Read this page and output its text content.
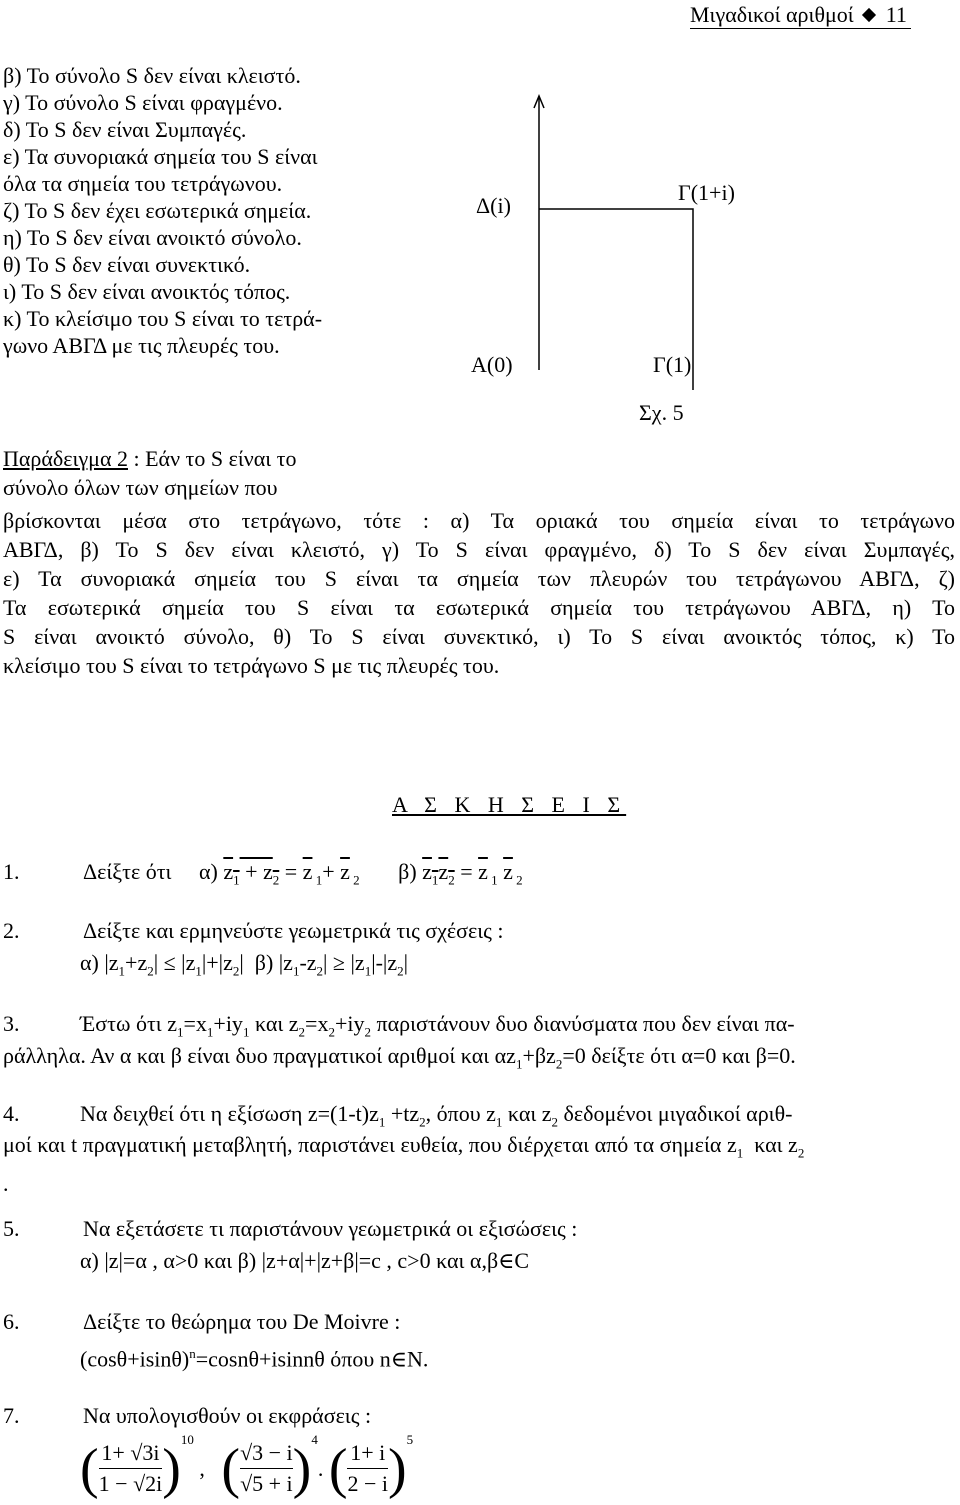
Μιγαδικοί αριθμοί 11
β) Το σύνολο S δεν είναι κλειστό.
γ) Το σύνολο S είναι φραγμένο.
δ) Το S δεν είναι Συμπαγές.
ε) Τα συνοριακά σημεία του S είναι
όλα τα σημεία του τετράγωνου.
ζ) Το S δεν έχει εσωτερικά σημεία.
η) Το S δεν είναι ανοικτό σύνολο.
θ) Το S δεν είναι συνεκτικό.
ι) Το S δεν είναι ανοικτός τόπος.
κ) Το κλείσιμο του S είναι το τετρά-
γωνο ΑΒΓΔ με τις πλευρές του.
Δ(i)
Γ(1+i)
Α(0)	Γ(1)
Σχ. 5
Παράδειγμα 2 : Εάν το S είναι το
σύνολο όλων των σημείων που
βρίσκονται μέσα στο τετράγωνο, τότε : α) Τα οριακά του σημεία είναι το τετράγωνο
ΑΒΓΔ, β) Το S δεν είναι κλειστό, γ) Το S είναι φραγμένο, δ) Το S δεν είναι Συμπαγές,
ε) Τα συνοριακά σημεία του S είναι τα σημεία των πλευρών του τετράγωνου ΑΒΓΔ, ζ)
Τα εσωτερικά σημεία του S είναι τα εσωτερικά σημεία του τετράγωνου ΑΒΓΔ, η) Το
S είναι ανοικτό σύνολο, θ) Το S είναι συνεκτικό, ι) Το S είναι ανοικτός τόπος, κ) Το
κλείσιμο του S είναι το τετράγωνο S με τις πλευρές του.
Α Σ Κ Η Σ Ε Ι Σ
1.	Δείξτε ότι α) $z_1 + z_2 = \overline{z}$ $_1+ \overline{z}$ $_2$ β) $z_1z_2 = \overline{z}$ $_1$ $\overline{z}$ $_2$
2.	Δείξτε και ερμηνεύστε γεωμετρικά τις σχέσεις :
α) $|z_1+z_2| \le |z_1|+|z_2|$  β) $|z_1-z_2| \ge |z_1|-|z_2|$
3.	Έστω ότι $z_1=x_1+iy_1$ και $z_2=x_2+iy_2$ παριστάνουν δυο διανύσματα που δεν είναι πα-
ράλληλα. Αν α και β είναι δυο πραγματικοί αριθμοί και $\alpha z_1+\beta z_2=0$ δείξτε ότι α=0 και β=0.
4.	Να δειχθεί ότι η εξίσωση $z=(1-t)z_1 +tz_2$, όπου $z_1$ και $z_2$ δεδομένοι μιγαδικοί αριθ-
μοί και t πραγματική μεταβλητή, παριστάνει ευθεία, που διέρχεται από τα σημεία $z_1$ και $z_2$
.
5.	Να εξετάσετε τι παριστάνουν γεωμετρικά οι εξισώσεις :
α) |z|=α , α>0 και β) |z+α|+|z+β|=c , c>0 και α,β∈C
6.	Δείξτε το θεώρημα του De Moivre :
$(\cos\theta+isin\theta)^n=\cos n\theta+isinn\theta$ όπου n∈N.
7.	Να υπολογισθούν οι εκφράσεις :
( $\frac{1+ √3i}{1 - √2i} )^{10}$ ,   ( $\frac{√3 - i}{√5 + i} )^4$. ( $\frac{1+ i}{2 - i} )^5$
